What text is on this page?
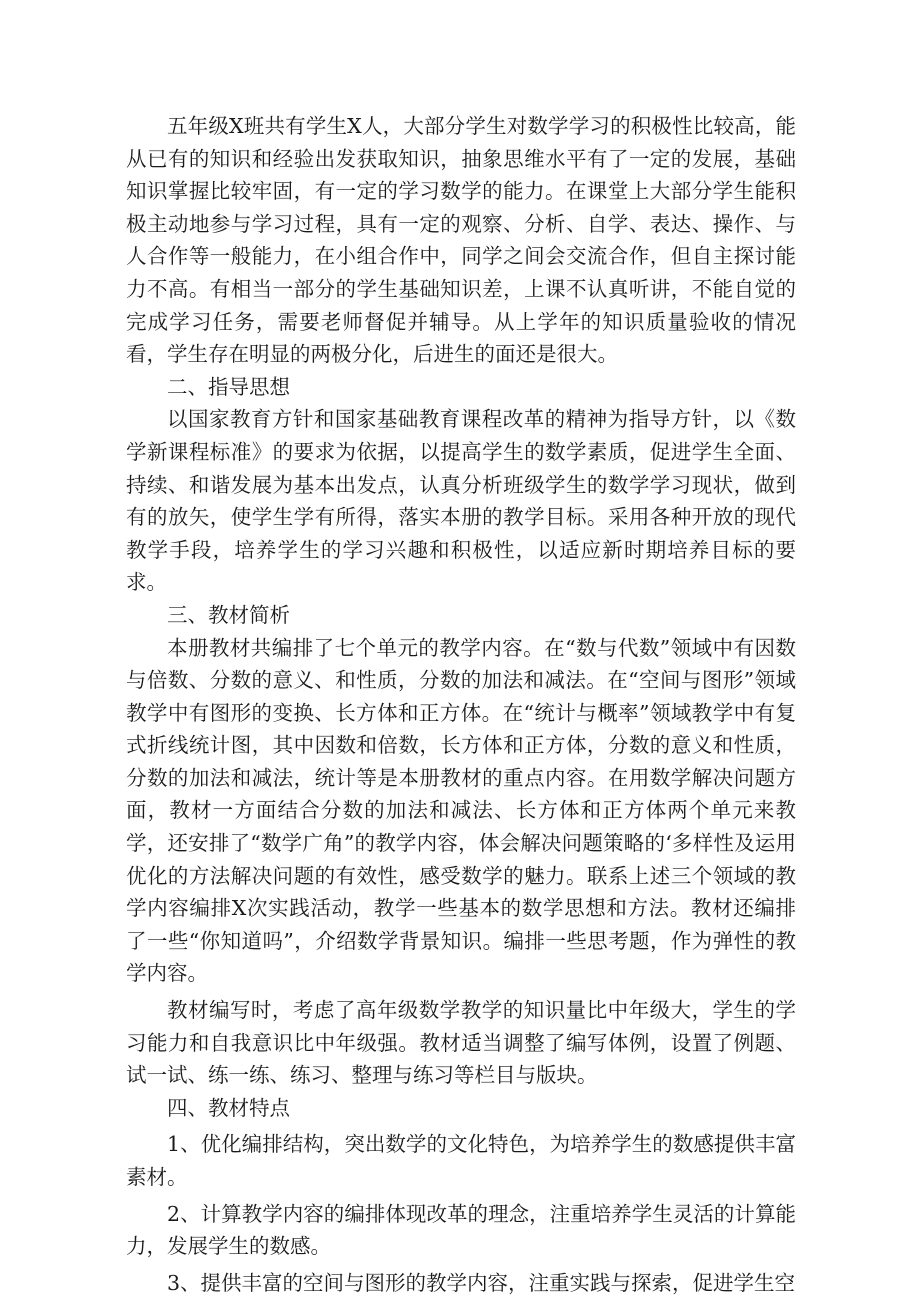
五年级X班共有学生X人，大部分学生对数学学习的积极性比较高，能从已有的知识和经验出发获取知识，抽象思维水平有了一定的发展，基础知识掌握比较牢固，有一定的学习数学的能力。在课堂上大部分学生能积极主动地参与学习过程，具有一定的观察、分析、自学、表达、操作、与人合作等一般能力，在小组合作中，同学之间会交流合作，但自主探讨能力不高。有相当一部分的学生基础知识差，上课不认真听讲，不能自觉的完成学习任务，需要老师督促并辅导。从上学年的知识质量验收的情况看，学生存在明显的两极分化，后进生的面还是很大。

二、指导思想

以国家教育方针和国家基础教育课程改革的精神为指导方针，以《数学新课程标准》的要求为依据，以提高学生的数学素质，促进学生全面、持续、和谐发展为基本出发点，认真分析班级学生的数学学习现状，做到有的放矢，使学生学有所得，落实本册的教学目标。采用各种开放的现代教学手段，培养学生的学习兴趣和积极性，以适应新时期培养目标的要求。

三、教材简析

本册教材共编排了七个单元的教学内容。在“数与代数”领域中有因数与倍数、分数的意义、和性质，分数的加法和减法。在“空间与图形”领域教学中有图形的变换、长方体和正方体。在“统计与概率”领域教学中有复式折线统计图，其中因数和倍数，长方体和正方体，分数的意义和性质，分数的加法和减法，统计等是本册教材的重点内容。在用数学解决问题方面，教材一方面结合分数的加法和减法、长方体和正方体两个单元来教学，还安排了“数学广角”的教学内容，体会解决问题策略的‘多样性及运用优化的方法解决问题的有效性，感受数学的魅力。联系上述三个领域的教学内容编排X次实践活动，教学一些基本的数学思想和方法。教材还编排了一些“你知道吗”，介绍数学背景知识。编排一些思考题，作为弹性的教学内容。

教材编写时，考虑了高年级数学教学的知识量比中年级大，学生的学习能力和自我意识比中年级强。教材适当调整了编写体例，设置了例题、试一试、练一练、练习、整理与练习等栏目与版块。

四、教材特点

1、优化编排结构，突出数学的文化特色，为培养学生的数感提供丰富素材。

2、计算教学内容的编排体现改革的理念，注重培养学生灵活的计算能力，发展学生的数感。

3、提供丰富的空间与图形的教学内容，注重实践与探索，促进学生空
